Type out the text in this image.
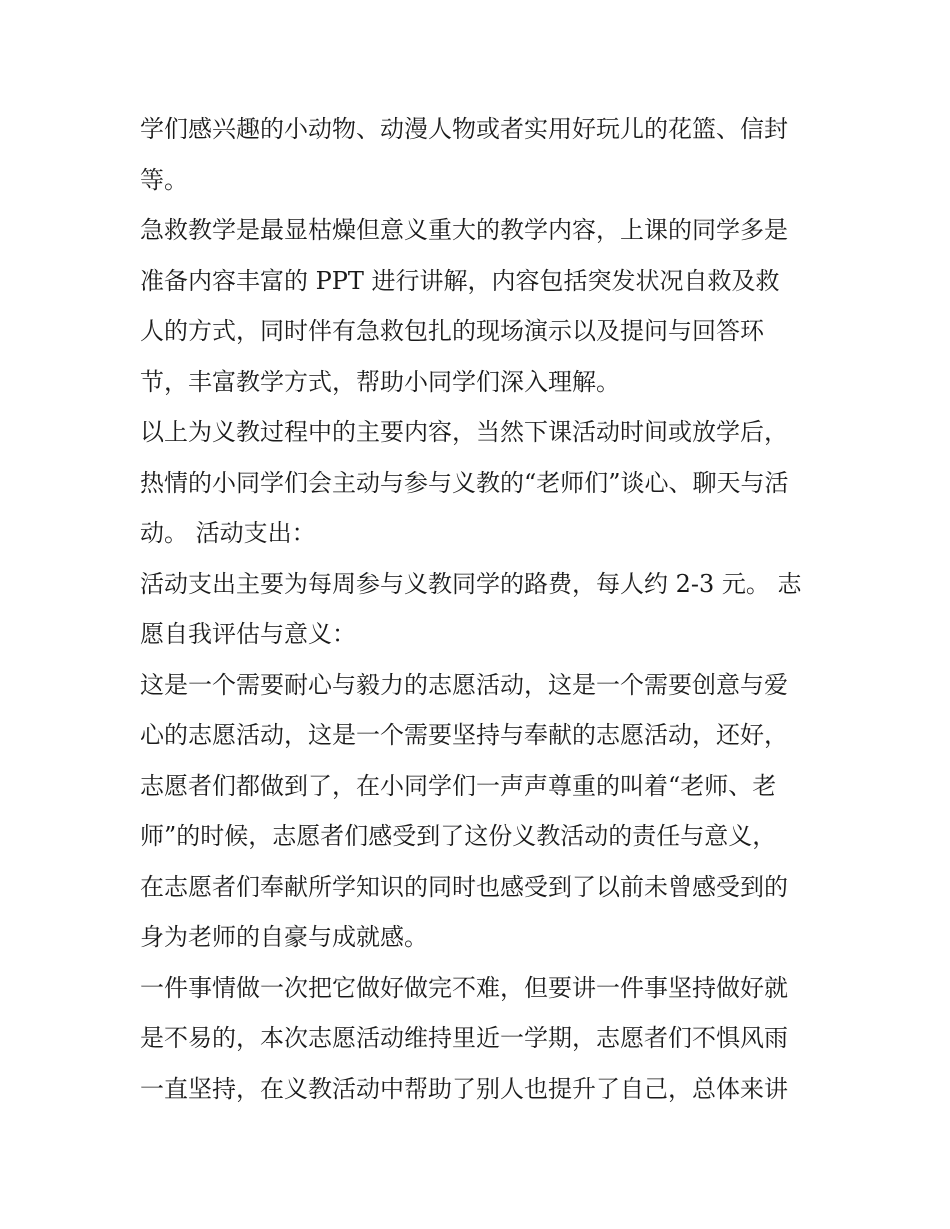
学们感兴趣的小动物、动漫人物或者实用好玩儿的花篮、信封
等。
急救教学是最显枯燥但意义重大的教学内容，上课的同学多是
准备内容丰富的 PPT 进行讲解，内容包括突发状况自救及救
人的方式，同时伴有急救包扎的现场演示以及提问与回答环
节，丰富教学方式，帮助小同学们深入理解。
以上为义教过程中的主要内容，当然下课活动时间或放学后，
热情的小同学们会主动与参与义教的“老师们”谈心、聊天与活
动。 活动支出：
活动支出主要为每周参与义教同学的路费，每人约 2-3 元。 志
愿自我评估与意义：
这是一个需要耐心与毅力的志愿活动，这是一个需要创意与爱
心的志愿活动，这是一个需要坚持与奉献的志愿活动，还好，
志愿者们都做到了，在小同学们一声声尊重的叫着“老师、老
师”的时候，志愿者们感受到了这份义教活动的责任与意义，
在志愿者们奉献所学知识的同时也感受到了以前未曾感受到的
身为老师的自豪与成就感。
一件事情做一次把它做好做完不难，但要讲一件事坚持做好就
是不易的，本次志愿活动维持里近一学期，志愿者们不惧风雨
一直坚持，在义教活动中帮助了别人也提升了自己，总体来讲
